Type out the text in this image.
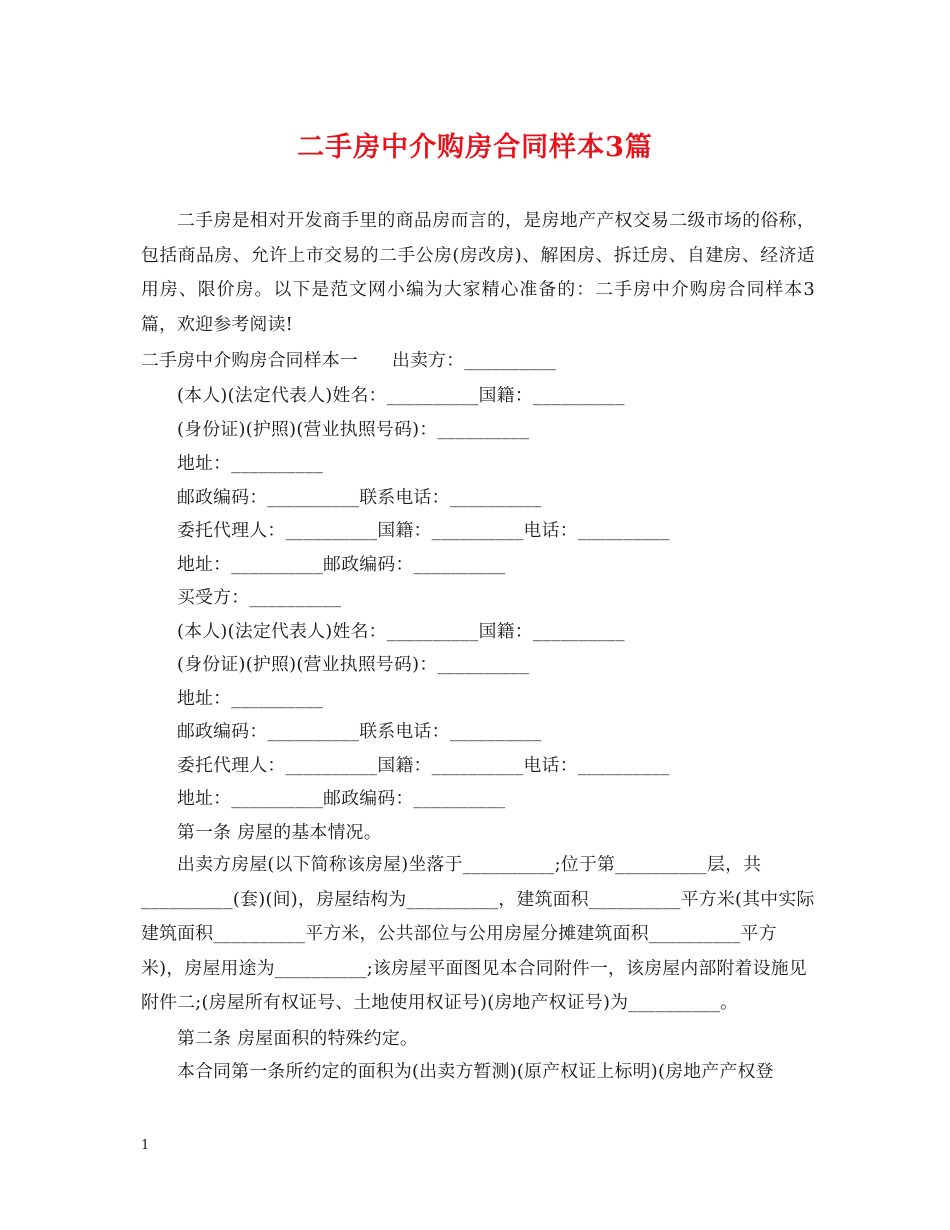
二手房中介购房合同样本3篇

二手房是相对开发商手里的商品房而言的，是房地产产权交易二级市场的俗称，包括商品房、允许上市交易的二手公房(房改房)、解困房、拆迁房、自建房、经济适用房、限价房。以下是范文网小编为大家精心准备的：二手房中介购房合同样本3篇，欢迎参考阅读!

二手房中介购房合同样本一 出卖方：__________

(本人)(法定代表人)姓名：__________国籍：__________

(身份证)(护照)(营业执照号码)：__________

地址：__________

邮政编码：__________联系电话：__________

委托代理人：__________国籍：__________电话：__________

地址：__________邮政编码：__________

买受方：__________

(本人)(法定代表人)姓名：__________国籍：__________

(身份证)(护照)(营业执照号码)：__________

地址：__________

邮政编码：__________联系电话：__________

委托代理人：__________国籍：__________电话：__________

地址：__________邮政编码：__________

第一条 房屋的基本情况。

出卖方房屋(以下简称该房屋)坐落于__________;位于第__________层，共__________(套)(间)，房屋结构为__________，建筑面积__________平方米(其中实际建筑面积__________平方米，公共部位与公用房屋分摊建筑面积__________平方米)，房屋用途为__________;该房屋平面图见本合同附件一，该房屋内部附着设施见附件二;(房屋所有权证号、土地使用权证号)(房地产权证号)为__________。

第二条 房屋面积的特殊约定。

本合同第一条所约定的面积为(出卖方暂测)(原产权证上标明)(房地产产权登

1
